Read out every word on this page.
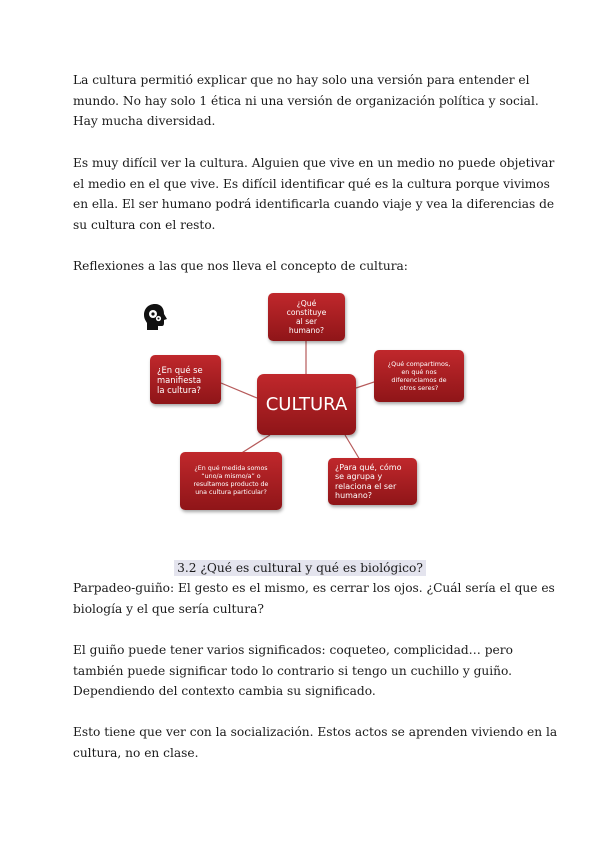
La cultura permitió explicar que no hay solo una versión para entender el
mundo. No hay solo 1 ética ni una versión de organización política y social.
Hay mucha diversidad.

Es muy difícil ver la cultura. Alguien que vive en un medio no puede objetivar
el medio en el que vive. Es difícil identificar qué es la cultura porque vivimos
en ella. El ser humano podrá identificarla cuando viaje y vea la diferencias de
su cultura con el resto.

Reflexiones a las que nos lleva el concepto de cultura:

CULTURA
¿Qué
constituye
al ser
humano?
¿Qué compartimos,
en qué nos
diferenciamos de
otros seres?
¿En qué se
manifiesta
la cultura?
¿En qué medida somos
“uno/a mismo/a” o
resultamos producto de
una cultura particular?
¿Para qué, cómo
se agrupa y
relaciona el ser
humano?
3.2 ¿Qué es cultural y qué es biológico?

Parpadeo-guiño: El gesto es el mismo, es cerrar los ojos. ¿Cuál sería el que es
biología y el que sería cultura?

El guiño puede tener varios significados: coqueteo, complicidad… pero
también puede significar todo lo contrario si tengo un cuchillo y guiño.
Dependiendo del contexto cambia su significado.

Esto tiene que ver con la socialización. Estos actos se aprenden viviendo en la
cultura, no en clase.
